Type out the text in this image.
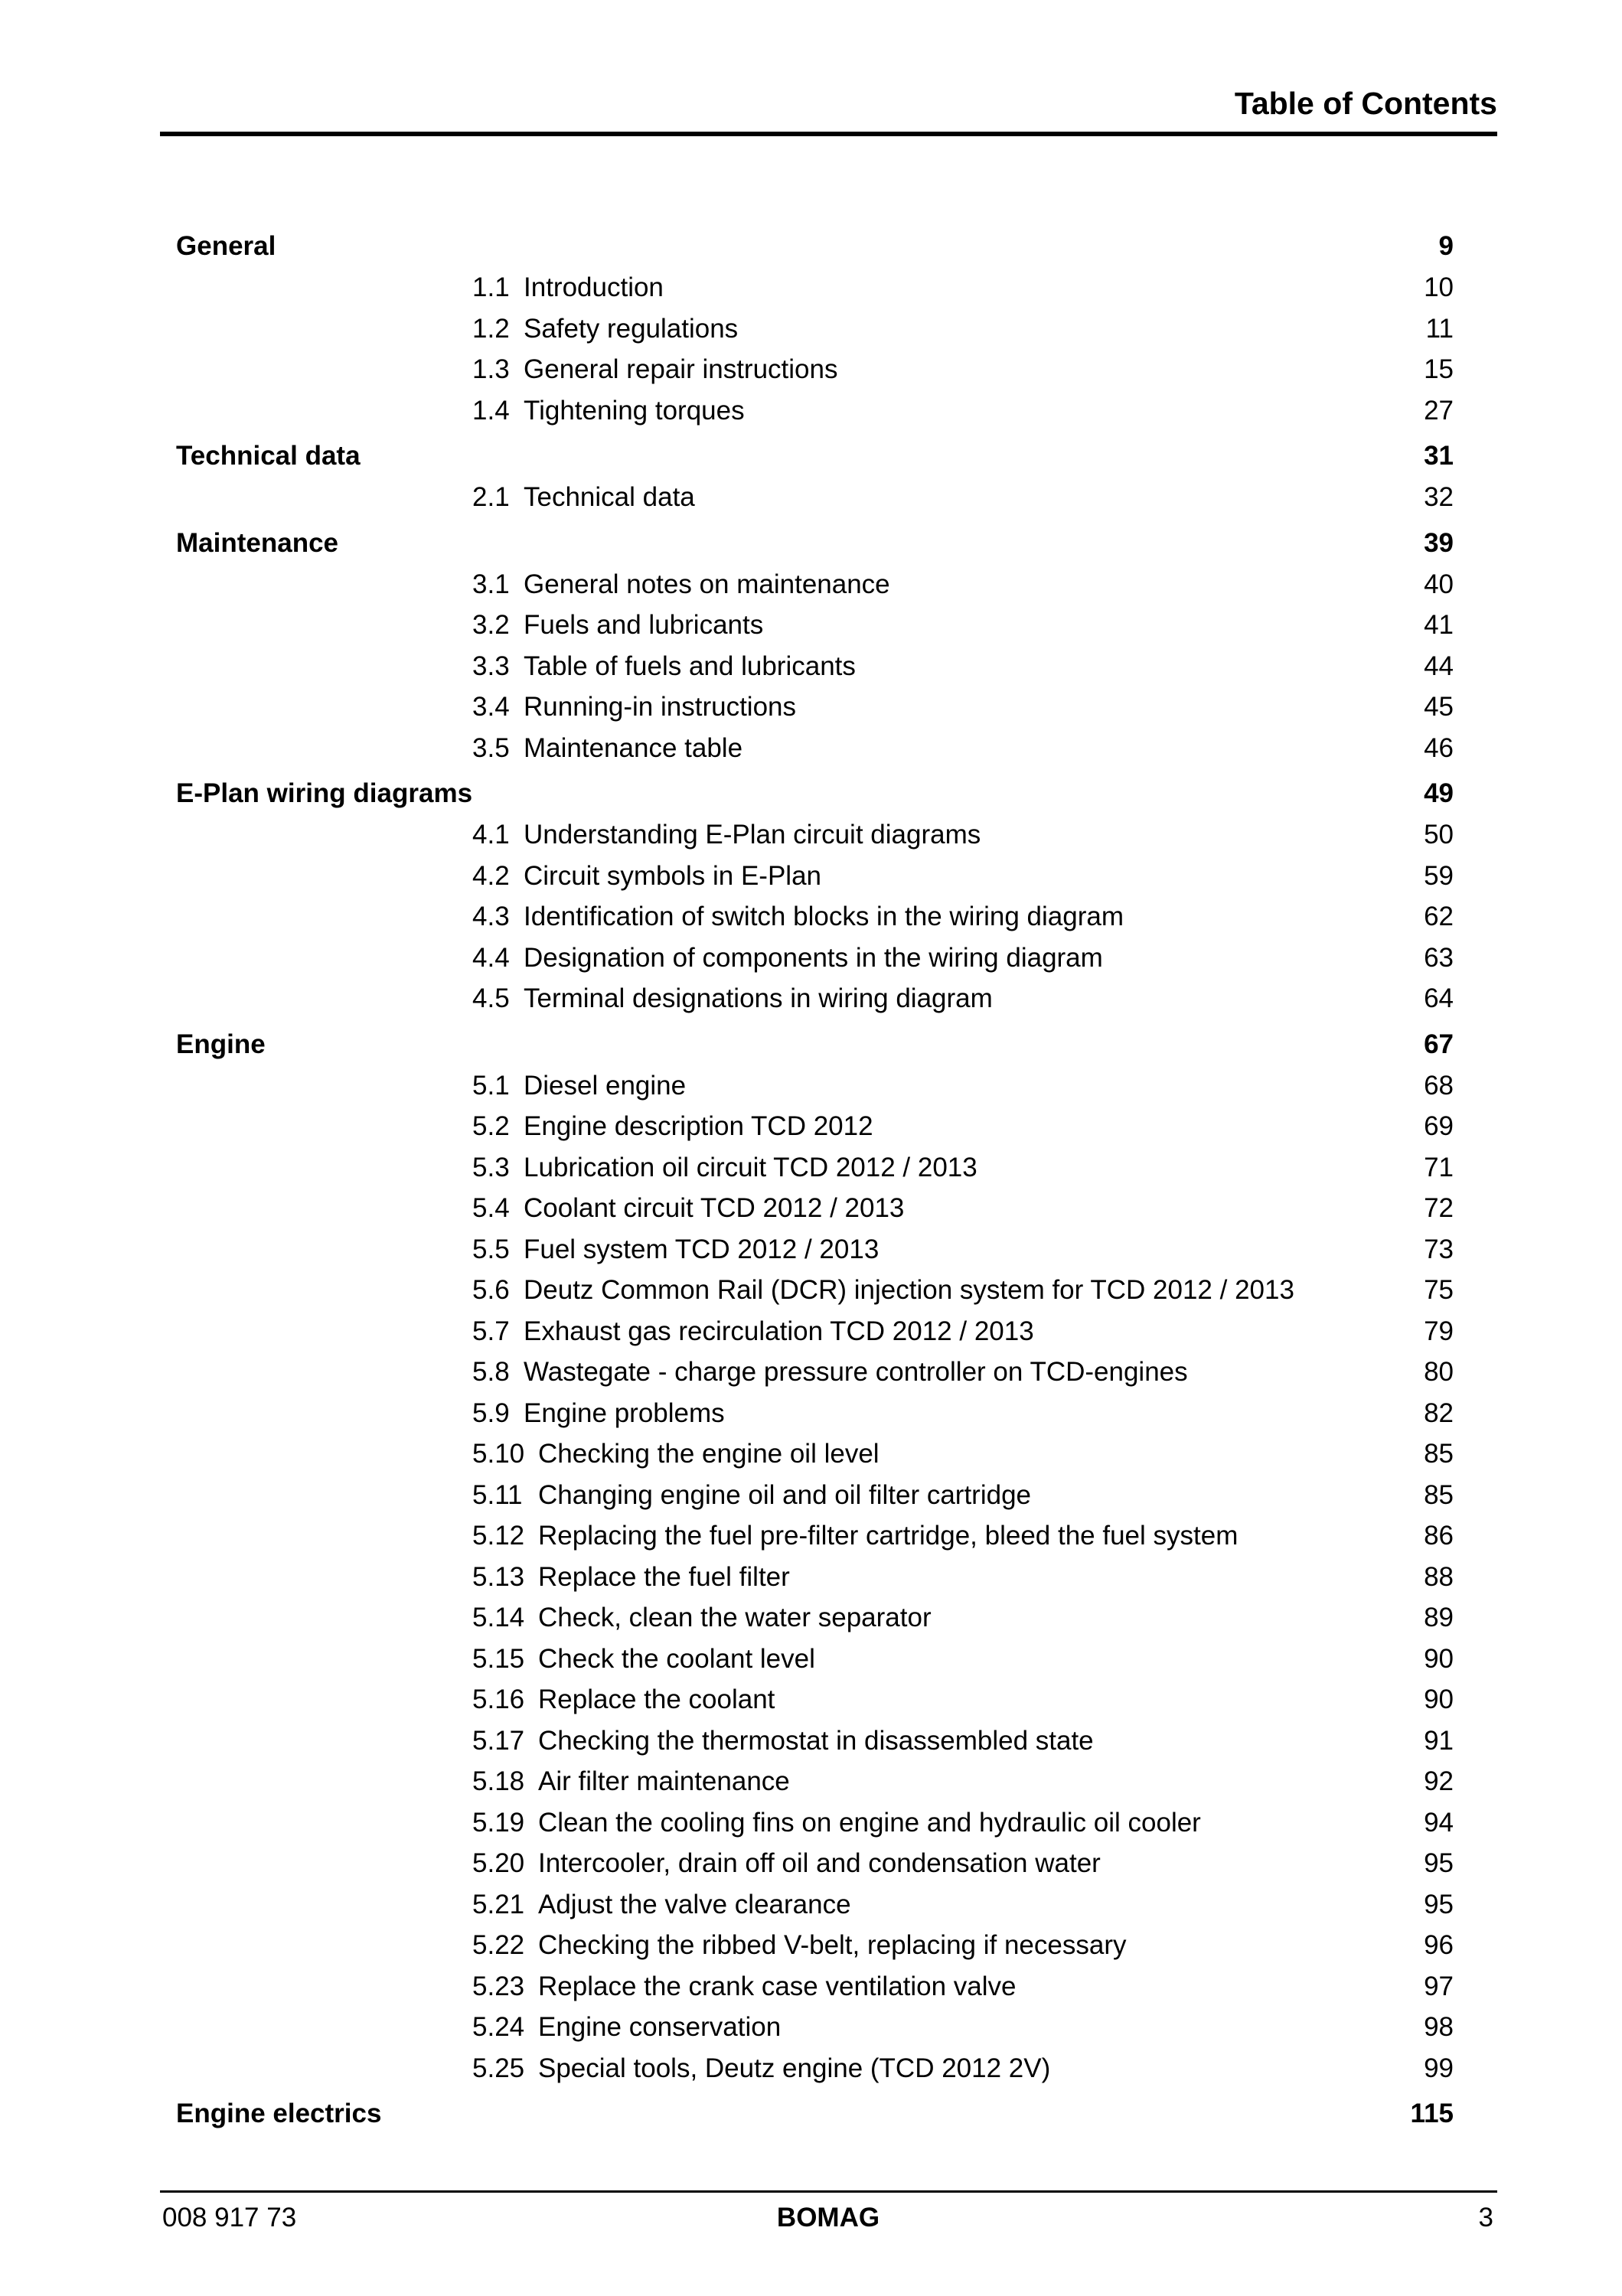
Table of Contents
General	9
1.1 Introduction	10
1.2 Safety regulations	11
1.3 General repair instructions	15
1.4 Tightening torques	27
Technical data	31
2.1 Technical data	32
Maintenance	39
3.1 General notes on maintenance	40
3.2 Fuels and lubricants	41
3.3 Table of fuels and lubricants	44
3.4 Running-in instructions	45
3.5 Maintenance table	46
E-Plan wiring diagrams	49
4.1 Understanding E-Plan circuit diagrams	50
4.2 Circuit symbols in E-Plan	59
4.3 Identification of switch blocks in the wiring diagram	62
4.4 Designation of components in the wiring diagram	63
4.5 Terminal designations in wiring diagram	64
Engine	67
5.1 Diesel engine	68
5.2 Engine description TCD 2012	69
5.3 Lubrication oil circuit TCD 2012 / 2013	71
5.4 Coolant circuit TCD 2012 / 2013	72
5.5 Fuel system TCD 2012 / 2013	73
5.6 Deutz Common Rail (DCR) injection system for TCD 2012 / 2013	75
5.7 Exhaust gas recirculation TCD 2012 / 2013	79
5.8 Wastegate - charge pressure controller on TCD-engines	80
5.9 Engine problems	82
5.10 Checking the engine oil level	85
5.11 Changing engine oil and oil filter cartridge	85
5.12 Replacing the fuel pre-filter cartridge, bleed the fuel system	86
5.13 Replace the fuel filter	88
5.14 Check, clean the water separator	89
5.15 Check the coolant level	90
5.16 Replace the coolant	90
5.17 Checking the thermostat in disassembled state	91
5.18 Air filter maintenance	92
5.19 Clean the cooling fins on engine and hydraulic oil cooler	94
5.20 Intercooler, drain off oil and condensation water	95
5.21 Adjust the valve clearance	95
5.22 Checking the ribbed V-belt, replacing if necessary	96
5.23 Replace the crank case ventilation valve	97
5.24 Engine conservation	98
5.25 Special tools, Deutz engine (TCD 2012 2V)	99
Engine electrics	115
008 917 73	BOMAG	3
